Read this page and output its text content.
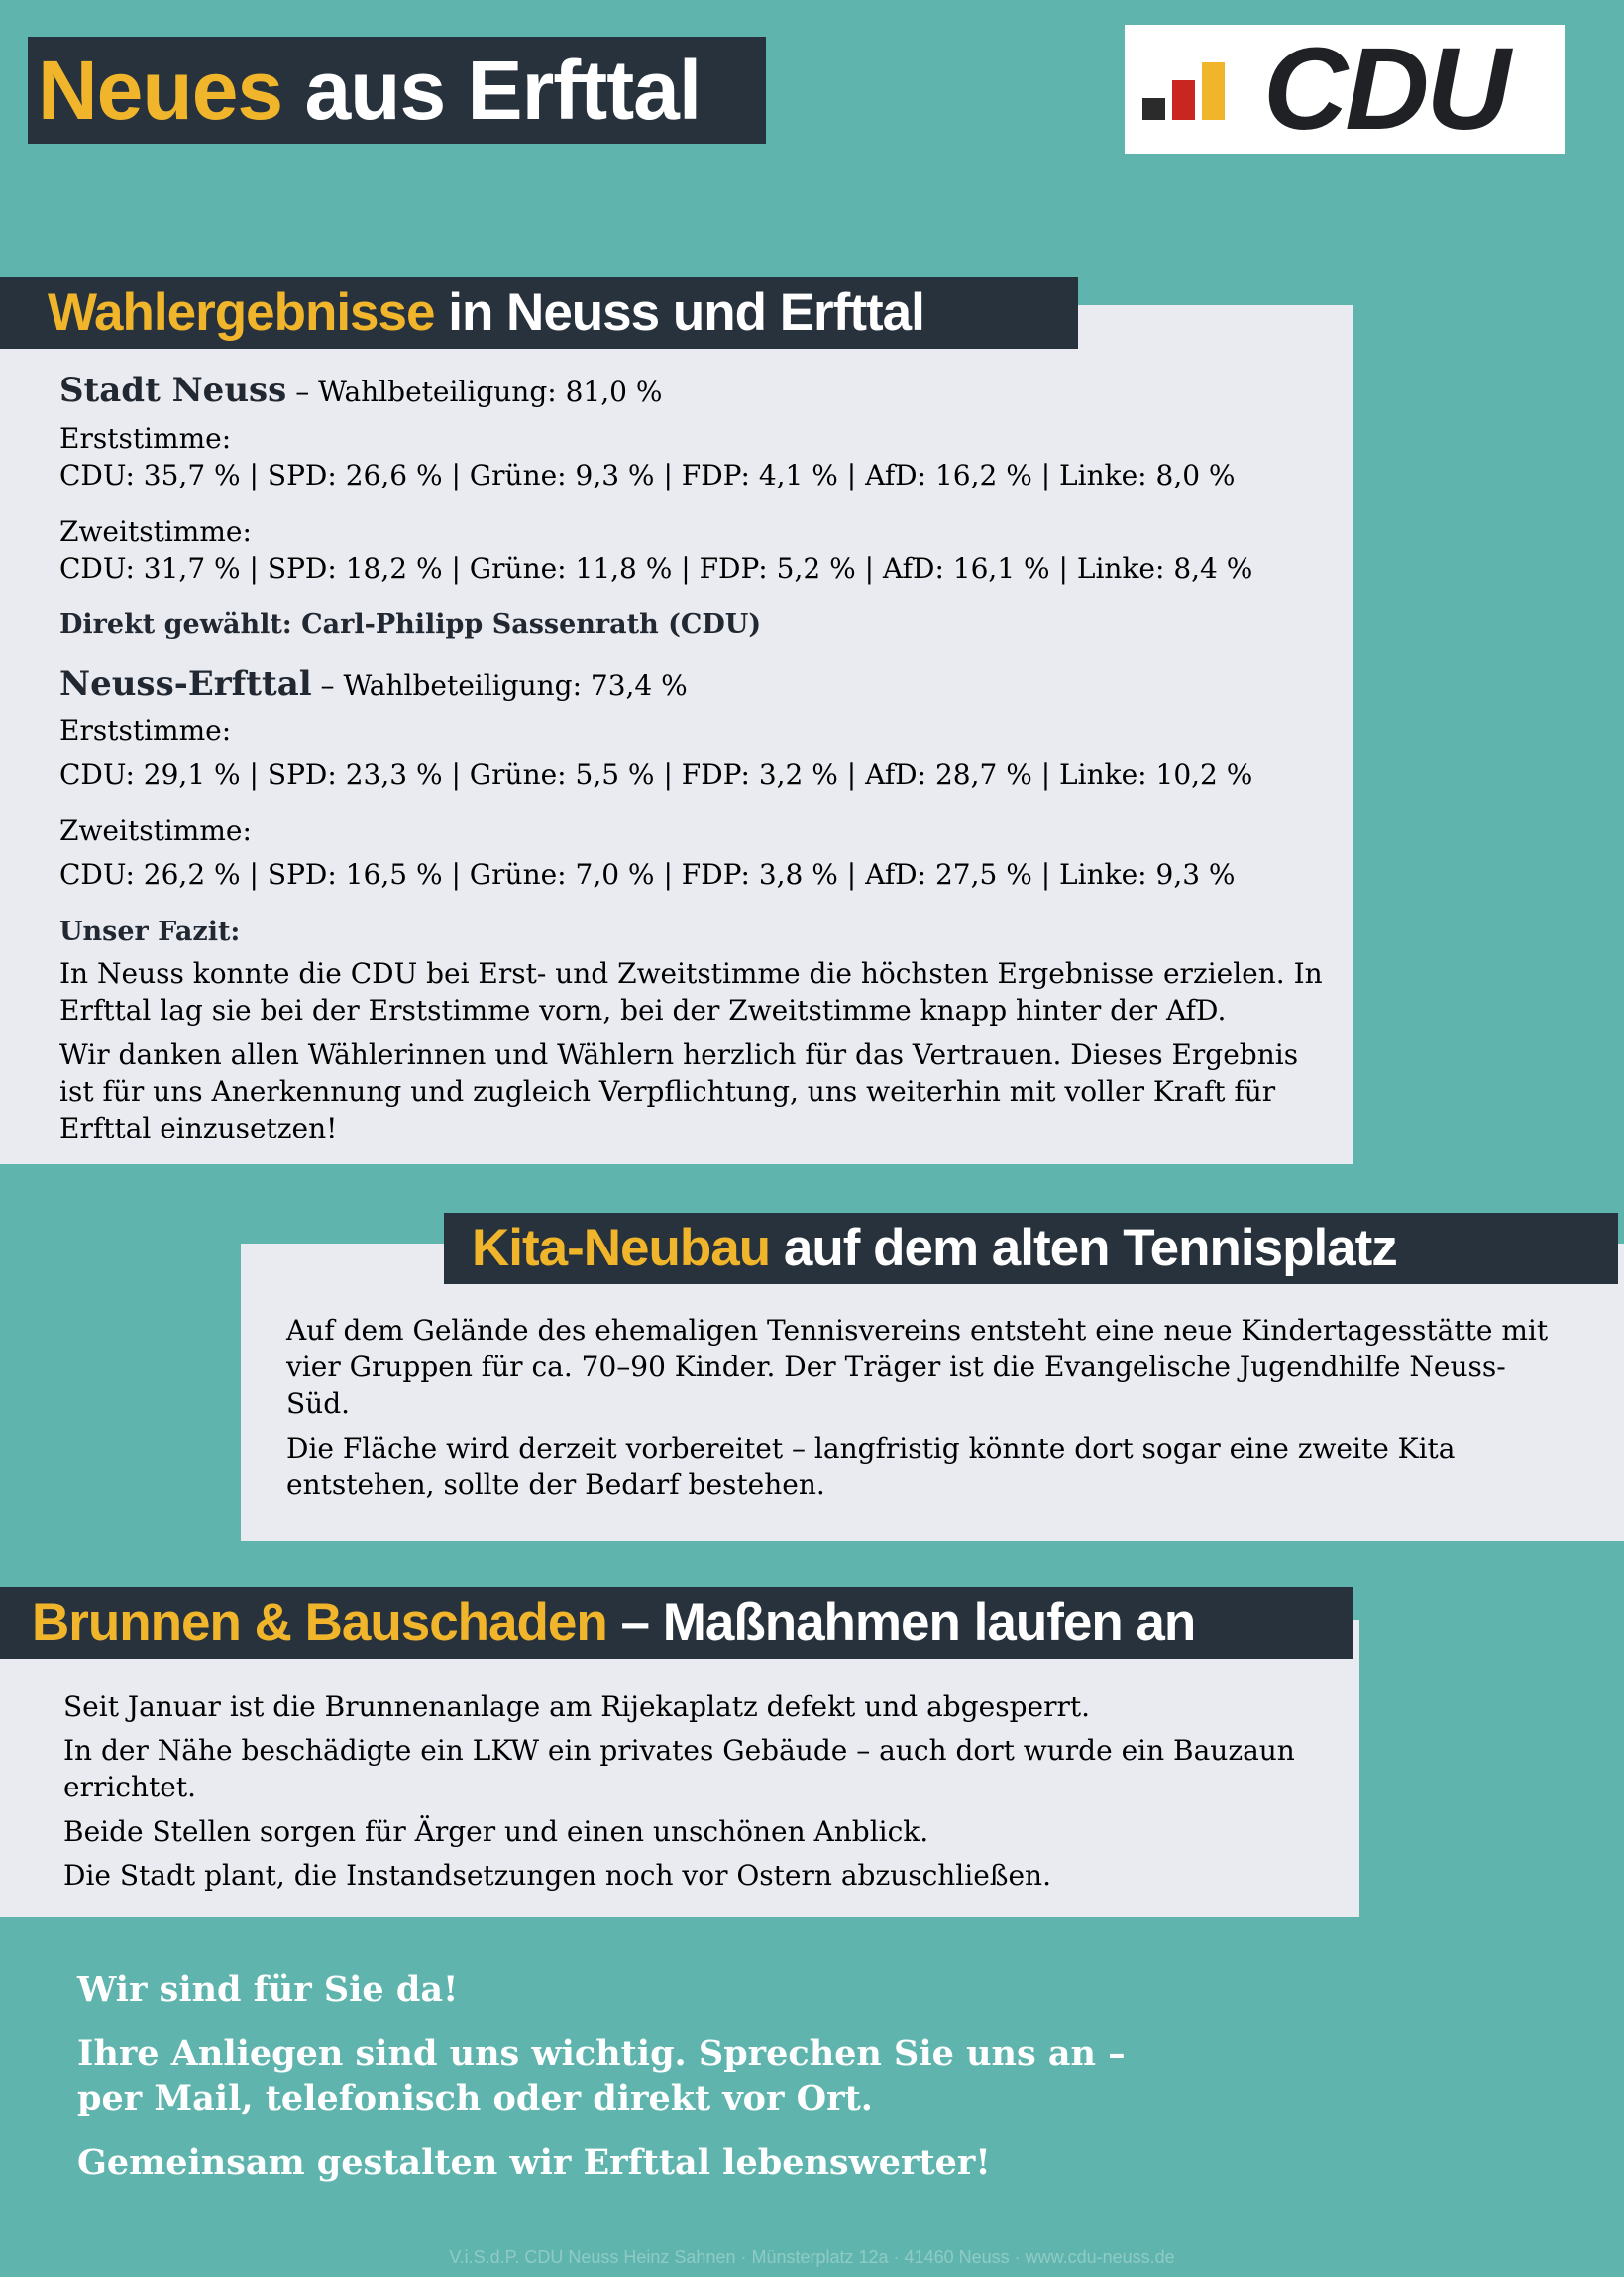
Neues aus Erfttal	CDU
Wahlergebnisse in Neuss und Erfttal
Stadt Neuss – Wahlbeteiligung: 81,0 %
Erststimme:
CDU: 35,7 % | SPD: 26,6 % | Grüne: 9,3 % | FDP: 4,1 % | AfD: 16,2 % | Linke: 8,0 %
Zweitstimme:
CDU: 31,7 % | SPD: 18,2 % | Grüne: 11,8 % | FDP: 5,2 % | AfD: 16,1 % | Linke: 8,4 %
Direkt gewählt: Carl-Philipp Sassenrath (CDU)
Neuss-Erfttal – Wahlbeteiligung: 73,4 %
Erststimme:
CDU: 29,1 % | SPD: 23,3 % | Grüne: 5,5 % | FDP: 3,2 % | AfD: 28,7 % | Linke: 10,2 %
Zweitstimme:
CDU: 26,2 % | SPD: 16,5 % | Grüne: 7,0 % | FDP: 3,8 % | AfD: 27,5 % | Linke: 9,3 %
Unser Fazit:
In Neuss konnte die CDU bei Erst- und Zweitstimme die höchsten Ergebnisse erzielen. In
Erfttal lag sie bei der Erststimme vorn, bei der Zweitstimme knapp hinter der AfD.
Wir danken allen Wählerinnen und Wählern herzlich für das Vertrauen. Dieses Ergebnis
ist für uns Anerkennung und zugleich Verpflichtung, uns weiterhin mit voller Kraft für
Erfttal einzusetzen!
Kita-Neubau auf dem alten Tennisplatz
Auf dem Gelände des ehemaligen Tennisvereins entsteht eine neue Kindertagesstätte mit
vier Gruppen für ca. 70–90 Kinder. Der Träger ist die Evangelische Jugendhilfe Neuss-
Süd.
Die Fläche wird derzeit vorbereitet – langfristig könnte dort sogar eine zweite Kita
entstehen, sollte der Bedarf bestehen.
Brunnen & Bauschaden – Maßnahmen laufen an
Seit Januar ist die Brunnenanlage am Rijekaplatz defekt und abgesperrt.
In der Nähe beschädigte ein LKW ein privates Gebäude – auch dort wurde ein Bauzaun
errichtet.
Beide Stellen sorgen für Ärger und einen unschönen Anblick.
Die Stadt plant, die Instandsetzungen noch vor Ostern abzuschließen.
Wir sind für Sie da!
Ihre Anliegen sind uns wichtig. Sprechen Sie uns an –
per Mail, telefonisch oder direkt vor Ort.
Gemeinsam gestalten wir Erfttal lebenswerter!
V.i.S.d.P. CDU Neuss Heinz Sahnen · Münsterplatz 12a · 41460 Neuss · www.cdu-neuss.de
